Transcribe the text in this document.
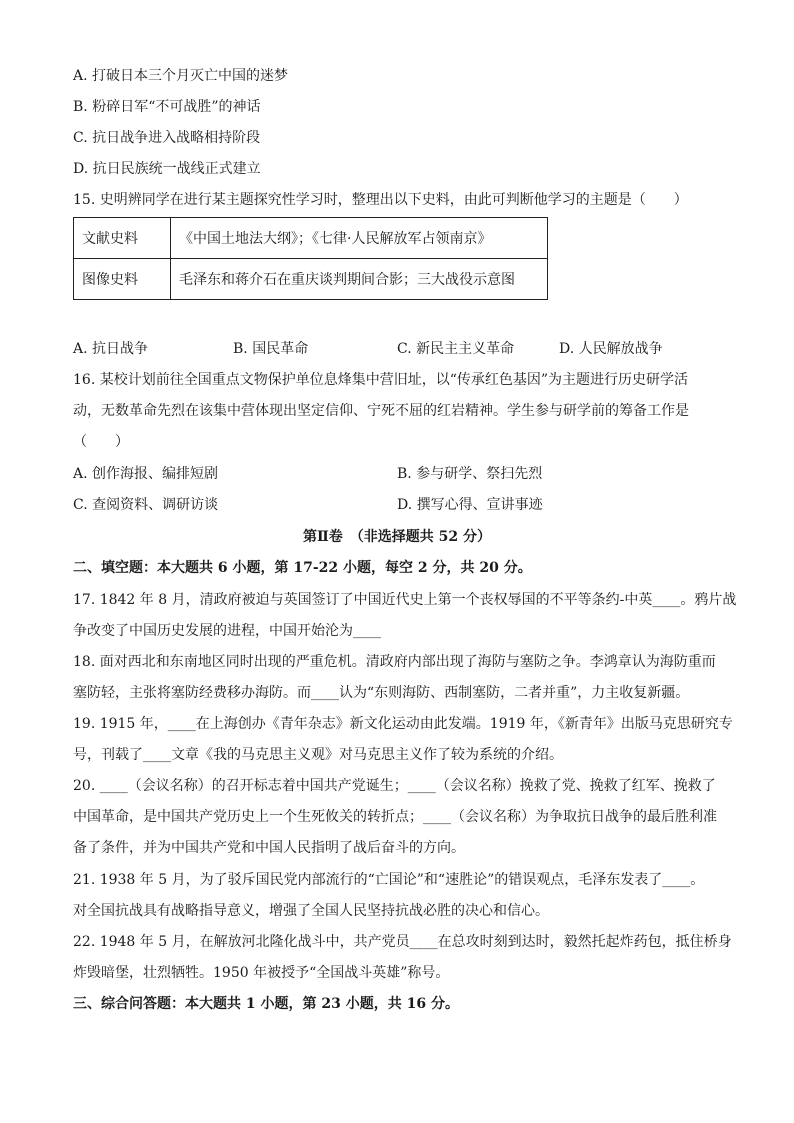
A. 打破日本三个月灭亡中国的迷梦
B. 粉碎日军“不可战胜”的神话
C. 抗日战争进入战略相持阶段
D. 抗日民族统一战线正式建立
15. 史明辨同学在进行某主题探究性学习时，整理出以下史料，由此可判断他学习的主题是（　　）
文献史料	《中国土地法大纲》；《七律·人民解放军占领南京》
图像史料	毛泽东和蒋介石在重庆谈判期间合影；三大战役示意图
A. 抗日战争	B. 国民革命	C. 新民主主义革命	D. 人民解放战争
16. 某校计划前往全国重点文物保护单位息烽集中营旧址，以“传承红色基因”为主题进行历史研学活
动，无数革命先烈在该集中营体现出坚定信仰、宁死不屈的红岩精神。学生参与研学前的筹备工作是
（　　）
A. 创作海报、编排短剧	B. 参与研学、祭扫先烈
C. 查阅资料、调研访谈	D. 撰写心得、宣讲事迹
第Ⅱ卷　（非选择题共 52 分）
二、填空题：本大题共 6 小题，第 17-22 小题，每空 2 分，共 20 分。
17. 1842 年 8 月，清政府被迫与英国签订了中国近代史上第一个丧权辱国的不平等条约-中英____。鸦片战
争改变了中国历史发展的进程，中国开始沦为____
18. 面对西北和东南地区同时出现的严重危机。清政府内部出现了海防与塞防之争。李鸿章认为海防重而
塞防轻，主张将塞防经费移办海防。而____认为“东则海防、西制塞防，二者并重”，力主收复新疆。
19. 1915 年，____在上海创办《青年杂志》新文化运动由此发端。1919 年，《新青年》出版马克思研究专
号，刊载了____文章《我的马克思主义观》对马克思主义作了较为系统的介绍。
20. ____（会议名称）的召开标志着中国共产党诞生；____（会议名称）挽救了党、挽救了红军、挽救了
中国革命，是中国共产党历史上一个生死攸关的转折点；____（会议名称）为争取抗日战争的最后胜利准
备了条件，并为中国共产党和中国人民指明了战后奋斗的方向。
21. 1938 年 5 月，为了驳斥国民党内部流行的“亡国论”和“速胜论”的错误观点，毛泽东发表了____。
对全国抗战具有战略指导意义，增强了全国人民坚持抗战必胜的决心和信心。
22. 1948 年 5 月，在解放河北隆化战斗中，共产党员____在总攻时刻到达时，毅然托起炸药包，抵住桥身
炸毁暗堡，壮烈牺牲。1950 年被授予“全国战斗英雄”称号。
三、综合问答题：本大题共 1 小题，第 23 小题，共 16 分。
